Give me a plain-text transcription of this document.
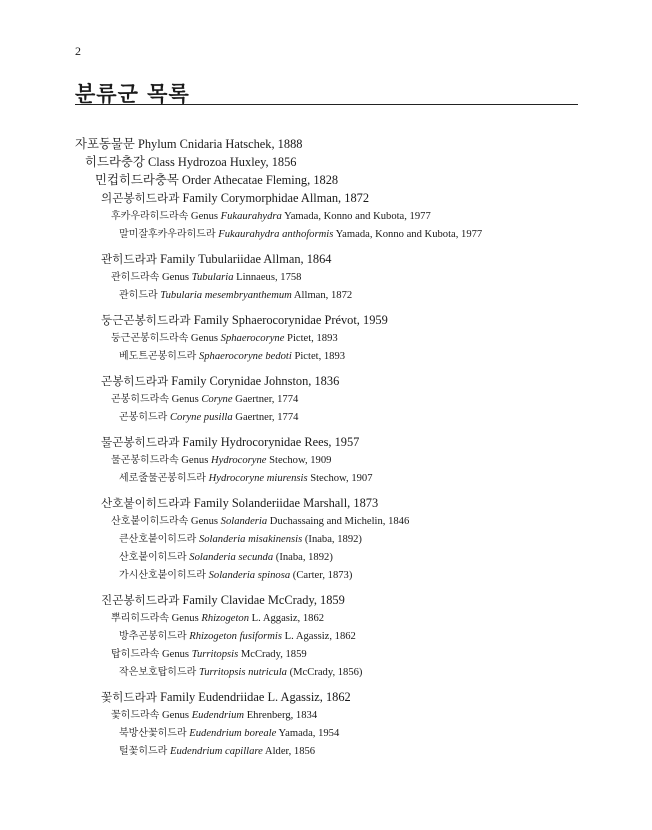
2
분류군 목록
자포동물문 Phylum Cnidaria Hatschek, 1888
히드라충강 Class Hydrozoa Huxley, 1856
민컵히드라충목 Order Athecatae Fleming, 1828
의곤봉히드라과 Family Corymorphidae Allman, 1872
후카우라히드라속 Genus Fukaurahydra Yamada, Konno and Kubota, 1977
말미잘후카우라히드라 Fukaurahydra anthoformis Yamada, Konno and Kubota, 1977
관히드라과 Family Tubulariidae Allman, 1864
관히드라속 Genus Tubularia Linnaeus, 1758
관히드라 Tubularia mesembryanthemum Allman, 1872
둥근곤봉히드라과 Family Sphaerocorynidae Prévot, 1959
둥근곤봉히드라속 Genus Sphaerocoryne Pictet, 1893
베도트곤봉히드라 Sphaerocoryne bedoti Pictet, 1893
곤봉히드라과 Family Corynidae Johnston, 1836
곤봉히드라속 Genus Coryne Gaertner, 1774
곤봉히드라 Coryne pusilla Gaertner, 1774
물곤봉히드라과 Family Hydrocorynidae Rees, 1957
물곤봉히드라속 Genus Hydrocoryne Stechow, 1909
세로줄물곤봉히드라 Hydrocoryne miurensis Stechow, 1907
산호붙이히드라과 Family Solanderiidae Marshall, 1873
산호붙이히드라속 Genus Solanderia Duchassaing and Michelin, 1846
큰산호붙이히드라 Solanderia misakinensis (Inaba, 1892)
산호붙이히드라 Solanderia secunda (Inaba, 1892)
가시산호붙이히드라 Solanderia spinosa (Carter, 1873)
진곤봉히드라과 Family Clavidae McCrady, 1859
뿌리히드라속 Genus Rhizogeton L. Aggasiz, 1862
방추곤봉히드라 Rhizogeton fusiformis L. Agassiz, 1862
탑히드라속 Genus Turritopsis McCrady, 1859
작은보호탑히드라 Turritopsis nutricula (McCrady, 1856)
꽃히드라과 Family Eudendriidae L. Agassiz, 1862
꽃히드라속 Genus Eudendrium Ehrenberg, 1834
북방산꽃히드라 Eudendrium boreale Yamada, 1954
털꽃히드라 Eudendrium capillare Alder, 1856
